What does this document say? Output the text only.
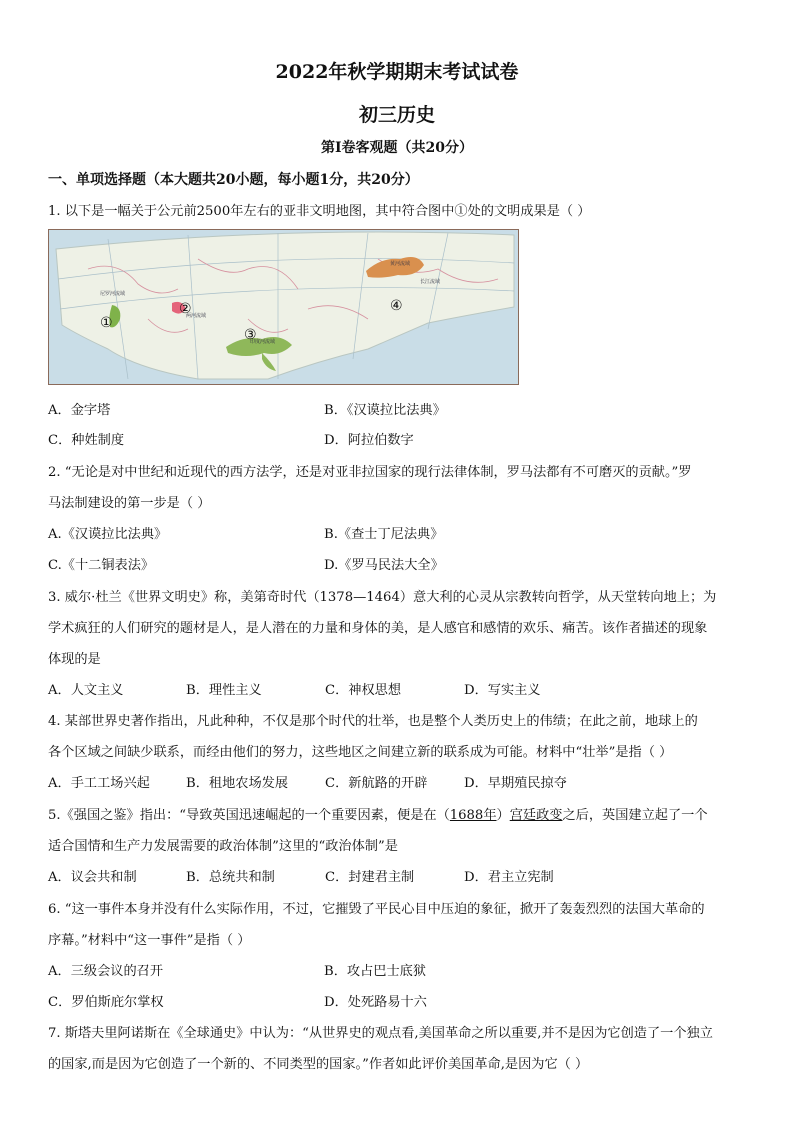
2022年秋学期期末考试试卷
初三历史
第Ⅰ卷客观题（共20分）
一、单项选择题（本大题共20小题，每小题1分，共20分）
1. 以下是一幅关于公元前2500年左右的亚非文明地图，其中符合图中①处的文明成果是（ ）
尼罗河流域
两河流域
印度河流域
黄河流域
长江流域
①
②
③
④
A．金字塔	B．《汉谟拉比法典》
C．种姓制度	D．阿拉伯数字
2. “无论是对中世纪和近现代的西方法学，还是对亚非拉国家的现行法律体制，罗马法都有不可磨灭的贡献。”罗
马法制建设的第一步是（ ）
A.《汉谟拉比法典》	B.《查士丁尼法典》
C.《十二铜表法》	D.《罗马民法大全》
3. 威尔·杜兰《世界文明史》称，美第奇时代（1378—1464）意大利的心灵从宗教转向哲学，从天堂转向地上；为
学术疯狂的人们研究的题材是人，是人潜在的力量和身体的美，是人感官和感情的欢乐、痛苦。该作者描述的现象
体现的是
A．人文主义	B．理性主义	C．神权思想	D．写实主义
4. 某部世界史著作指出，凡此种种，不仅是那个时代的壮举，也是整个人类历史上的伟绩；在此之前，地球上的
各个区域之间缺少联系，而经由他们的努力，这些地区之间建立新的联系成为可能。材料中“壮举”是指（ ）
A．手工工场兴起	B．租地农场发展	C．新航路的开辟	D．早期殖民掠夺
5.《强国之鉴》指出：“导致英国迅速崛起的一个重要因素，便是在（1688年）宫廷政变之后，英国建立起了一个
适合国情和生产力发展需要的政治体制”这里的“政治体制”是
A．议会共和制	B．总统共和制	C．封建君主制	D．君主立宪制
6. “这一事件本身并没有什么实际作用，不过，它摧毁了平民心目中压迫的象征，掀开了轰轰烈烈的法国大革命的
序幕。”材料中“这一事件”是指（ ）
A．三级会议的召开	B．攻占巴士底狱
C．罗伯斯庇尔掌权	D．处死路易十六
7. 斯塔夫里阿诺斯在《全球通史》中认为：“从世界史的观点看,美国革命之所以重要,并不是因为它创造了一个独立
的国家,而是因为它创造了一个新的、不同类型的国家。”作者如此评价美国革命,是因为它（ ）
